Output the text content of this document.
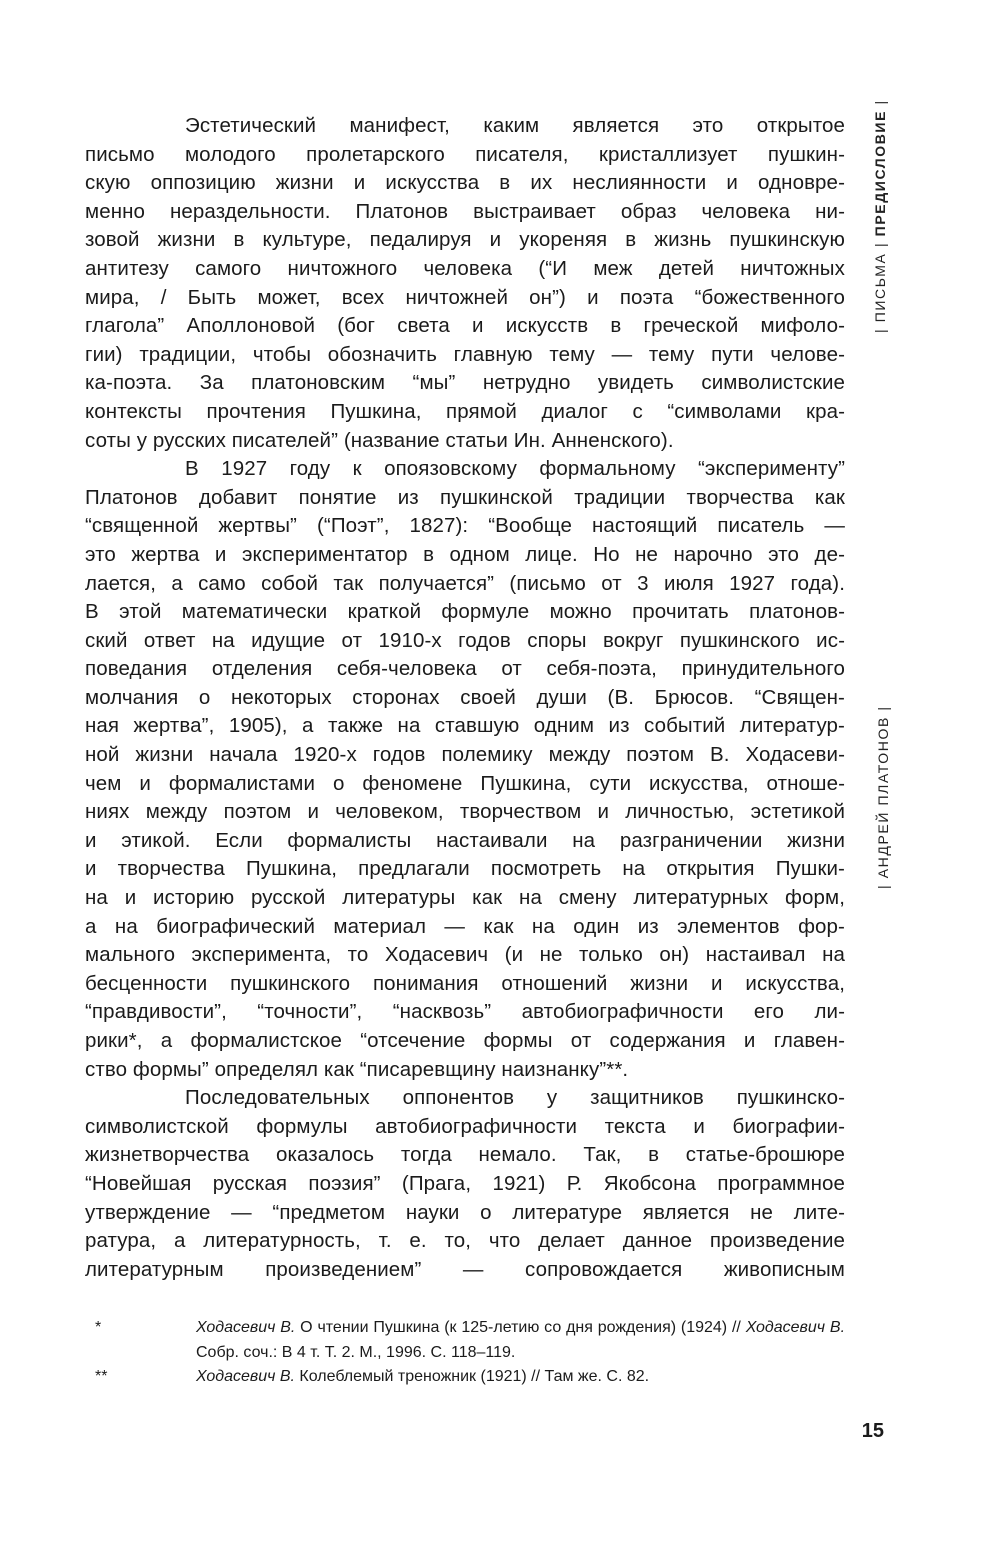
Эстетический манифест, каким является это открытое
письмо молодого пролетарского писателя, кристаллизует пушкин-
скую оппозицию жизни и искусства в их неслиянности и одновре-
менно нераздельности. Платонов выстраивает образ человека ни-
зовой жизни в культуре, педалируя и укореняя в жизнь пушкинскую
антитезу самого ничтожного человека (“И меж детей ничтожных
мира, / Быть может, всех ничтожней он”) и поэта “божественного
глагола” Аполлоновой (бог света и искусств в греческой мифоло-
гии) традиции, чтобы обозначить главную тему — тему пути челове-
ка-поэта. За платоновским “мы” нетрудно увидеть символистские
контексты прочтения Пушкина, прямой диалог с “символами кра-
соты у русских писателей” (название статьи Ин. Анненского).
В 1927 году к опоязовскому формальному “эксперименту”
Платонов добавит понятие из пушкинской традиции творчества как
“священной жертвы” (“Поэт”, 1827): “Вообще настоящий писатель —
это жертва и экспериментатор в одном лице. Но не нарочно это де-
лается, а само собой так получается” (письмо от 3 июля 1927 года).
В этой математически краткой формуле можно прочитать платонов-
ский ответ на идущие от 1910-х годов споры вокруг пушкинского ис-
поведания отделения себя-человека от себя-поэта, принудительного
молчания о некоторых сторонах своей души (В. Брюсов. “Священ-
ная жертва”, 1905), а также на ставшую одним из событий литератур-
ной жизни начала 1920-х годов полемику между поэтом В. Ходасеви-
чем и формалистами о феномене Пушкина, сути искусства, отноше-
ниях между поэтом и человеком, творчеством и личностью, эстетикой
и этикой. Если формалисты настаивали на разграничении жизни
и творчества Пушкина, предлагали посмотреть на открытия Пушки-
на и историю русской литературы как на смену литературных форм,
а на биографический материал — как на один из элементов фор-
мального эксперимента, то Ходасевич (и не только он) настаивал на
бесценности пушкинского понимания отношений жизни и искусства,
“правдивости”, “точности”, “насквозь” автобиографичности его ли-
рики*, а формалистское “отсечение формы от содержания и главен-
ство формы” определял как “писаревщину наизнанку”**.
Последовательных оппонентов у защитников пушкинско-
символистской формулы автобиографичности текста и биографии-
жизнетворчества оказалось тогда немало. Так, в статье-брошюре
“Новейшая русская поэзия” (Прага, 1921) Р. Якобсона программное
утверждение — “предметом науки о литературе является не лите-
ратура, а литературность, т. е. то, что делает данное произведение
литературным произведением” — сопровождается живописным
*	Ходасевич В. О чтении Пушкина (к 125-летию со дня рождения) (1924) // Ходасевич В. Собр. соч.: В 4 т. Т. 2. М., 1996. С. 118–119.
**	Ходасевич В. Колеблемый треножник (1921) // Там же. С. 82.
| ПИСЬМА | ПРЕДИСЛОВИЕ |
| АНДРЕЙ ПЛАТОНОВ |
15
